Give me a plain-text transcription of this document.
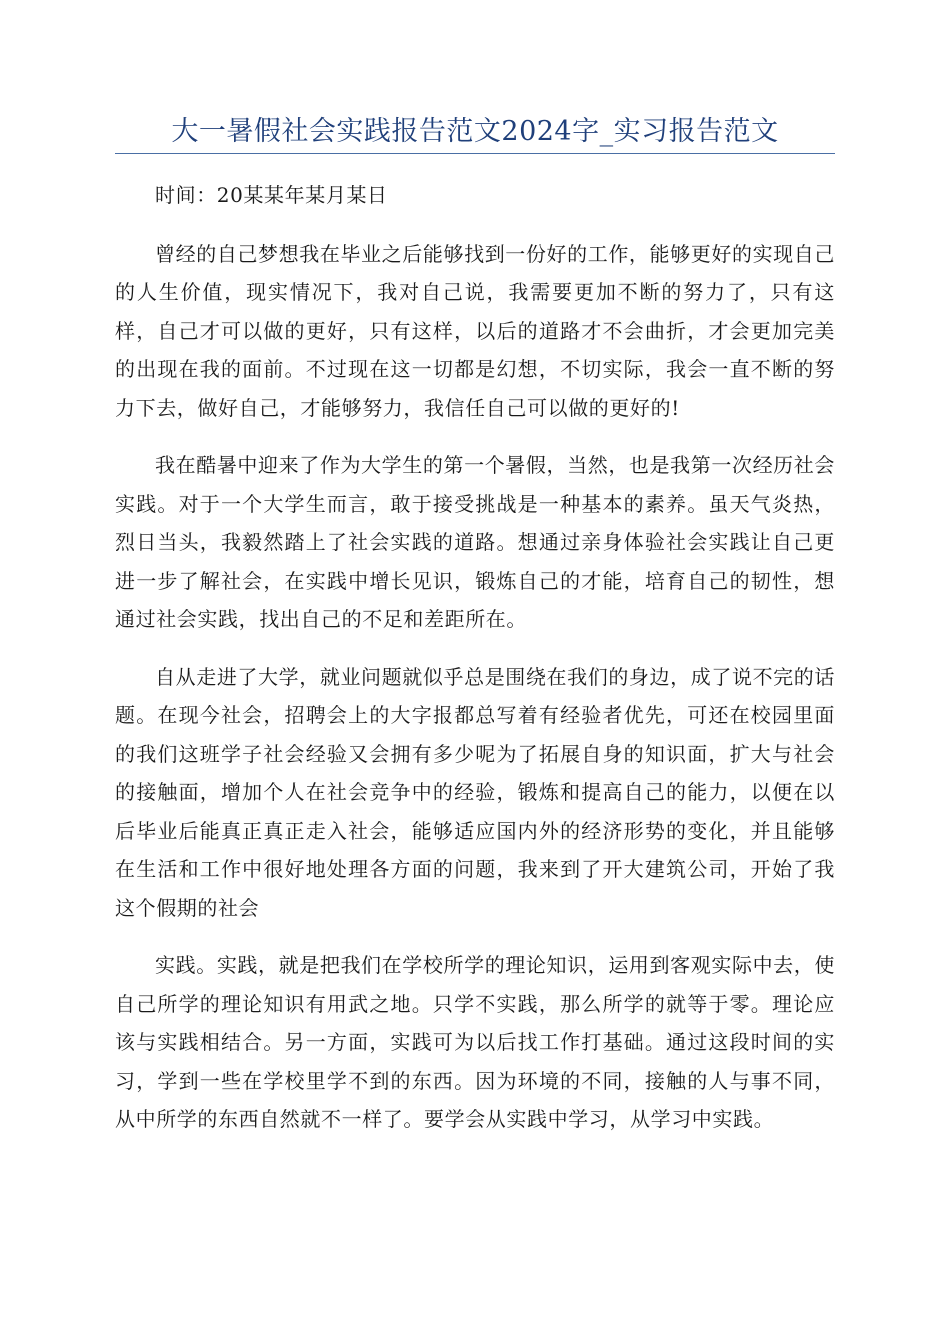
大一暑假社会实践报告范文2024字_实习报告范文

时间：20某某年某月某日

曾经的自己梦想我在毕业之后能够找到一份好的工作，能够更好的实现自己的人生价值，现实情况下，我对自己说，我需要更加不断的努力了，只有这样，自己才可以做的更好，只有这样，以后的道路才不会曲折，才会更加完美的出现在我的面前。不过现在这一切都是幻想，不切实际，我会一直不断的努力下去，做好自己，才能够努力，我信任自己可以做的更好的!

我在酷暑中迎来了作为大学生的第一个暑假，当然，也是我第一次经历社会实践。对于一个大学生而言，敢于接受挑战是一种基本的素养。虽天气炎热，烈日当头，我毅然踏上了社会实践的道路。想通过亲身体验社会实践让自己更进一步了解社会，在实践中增长见识，锻炼自己的才能，培育自己的韧性，想通过社会实践，找出自己的不足和差距所在。

自从走进了大学，就业问题就似乎总是围绕在我们的身边，成了说不完的话题。在现今社会，招聘会上的大字报都总写着有经验者优先，可还在校园里面的我们这班学子社会经验又会拥有多少呢为了拓展自身的知识面，扩大与社会的接触面，增加个人在社会竞争中的经验，锻炼和提高自己的能力，以便在以后毕业后能真正真正走入社会，能够适应国内外的经济形势的变化，并且能够在生活和工作中很好地处理各方面的问题，我来到了开大建筑公司，开始了我这个假期的社会

实践。实践，就是把我们在学校所学的理论知识，运用到客观实际中去，使自己所学的理论知识有用武之地。只学不实践，那么所学的就等于零。理论应该与实践相结合。另一方面，实践可为以后找工作打基础。通过这段时间的实习，学到一些在学校里学不到的东西。因为环境的不同，接触的人与事不同，从中所学的东西自然就不一样了。要学会从实践中学习，从学习中实践。
